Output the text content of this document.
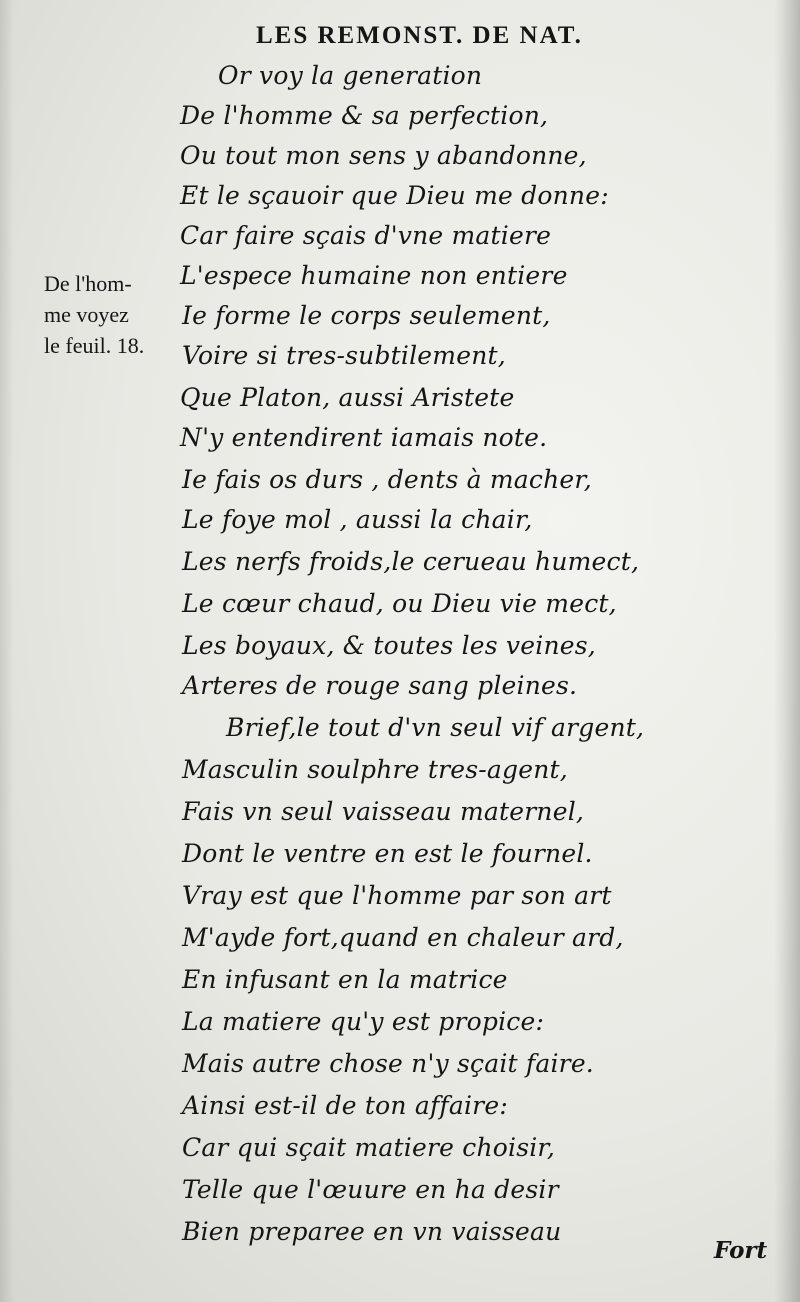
LES REMONST. DE NAT.
De l'hom-
me voyez
le feuil. 18.
Or voy la generation
De l'homme & sa perfection,
Ou tout mon sens y abandonne,
Et le sçauoir que Dieu me donne:
Car faire sçais d'vne matiere
L'espece humaine non entiere
Ie forme le corps seulement,
Voire si tres-subtilement,
Que Platon, aussi Aristete
N'y entendirent iamais note.
Ie fais os durs , dents à macher,
Le foye mol , aussi la chair,
Les nerfs froids,le cerueau humect,
Le cœur chaud, ou Dieu vie mect,
Les boyaux, & toutes les veines,
Arteres de rouge sang pleines.
Brief,le tout d'vn seul vif argent,
Masculin soulphre tres-agent,
Fais vn seul vaisseau maternel,
Dont le ventre en est le fournel.
Vray est que l'homme par son art
M'ayde fort,quand en chaleur ard,
En infusant en la matrice
La matiere qu'y est propice:
Mais autre chose n'y sçait faire.
Ainsi est-il de ton affaire:
Car qui sçait matiere choisir,
Telle que l'œuure en ha desir
Bien preparee en vn vaisseau
Fort
